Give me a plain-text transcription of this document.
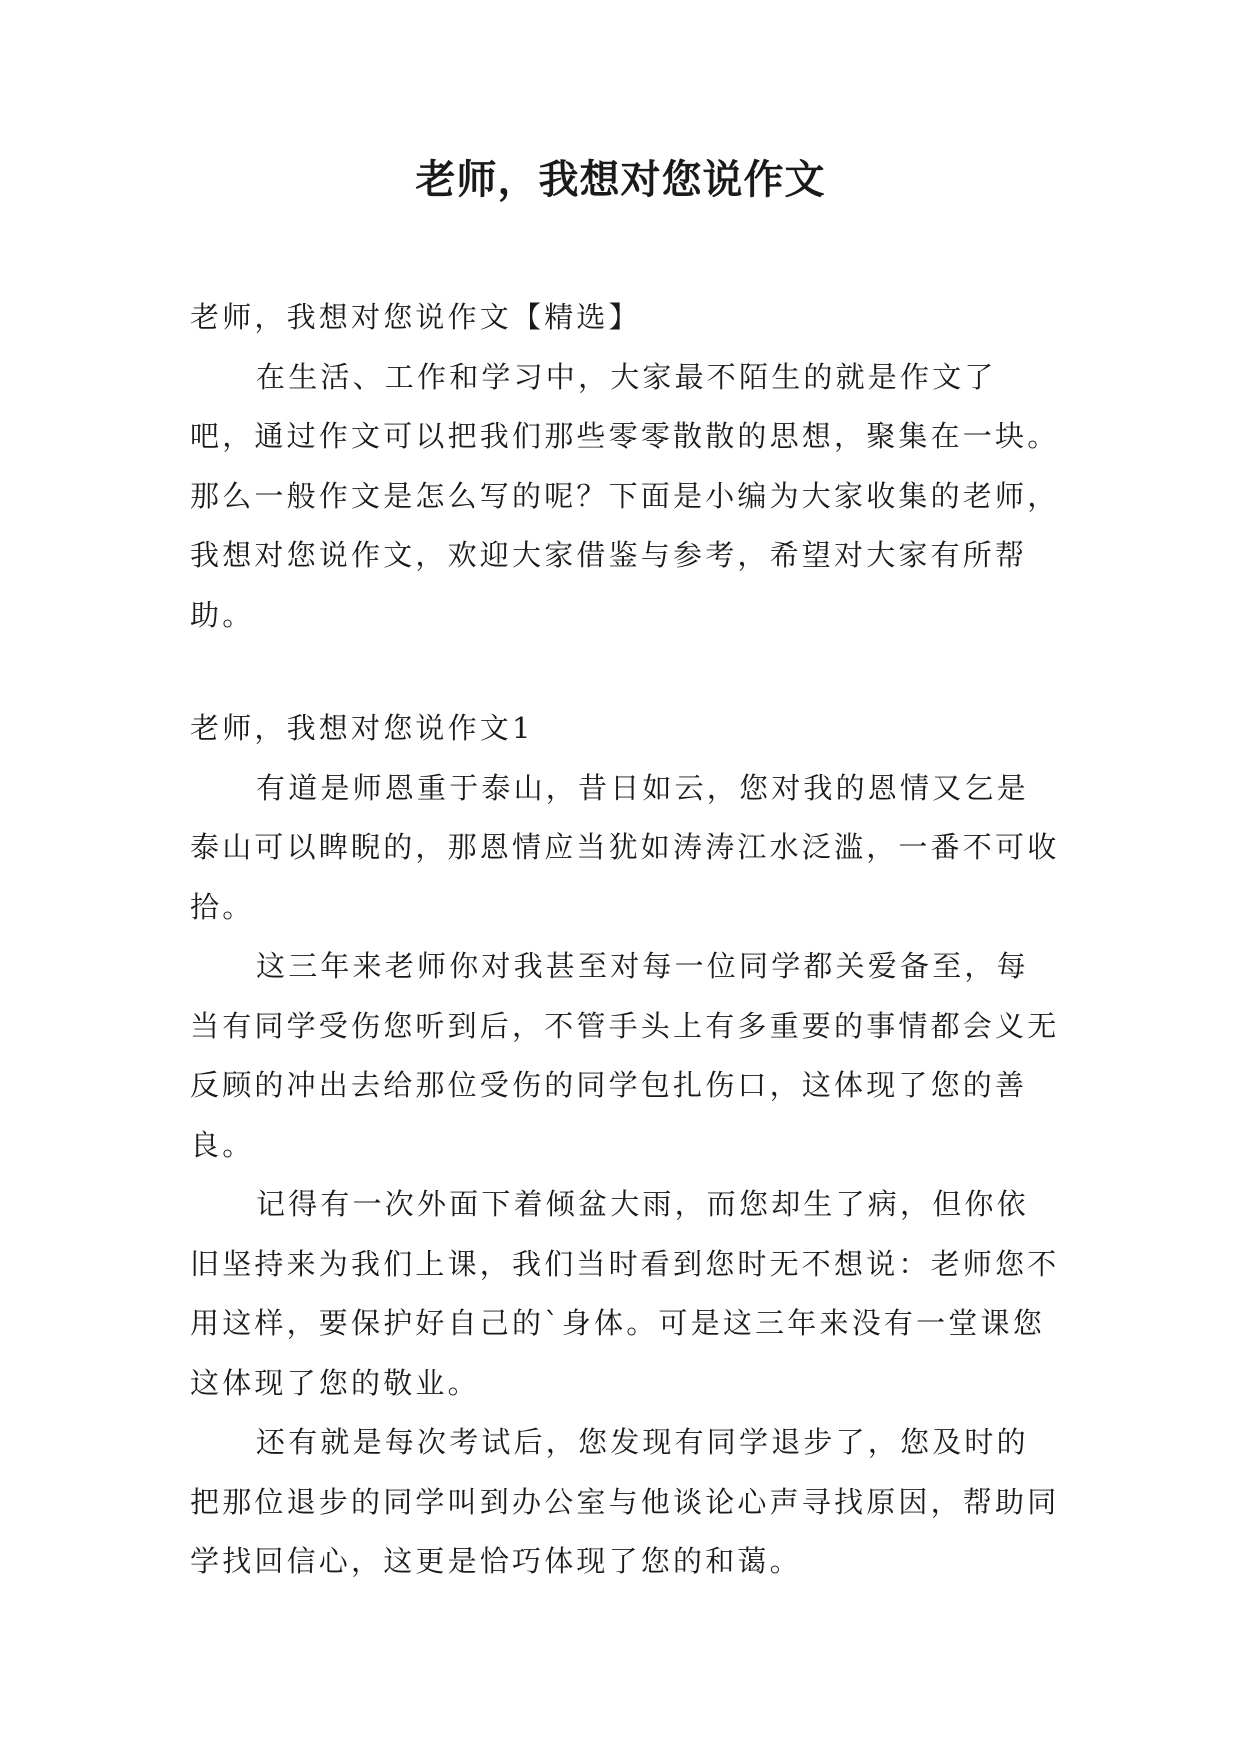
老师，我想对您说作文

老师，我想对您说作文【精选】

在生活、工作和学习中，大家最不陌生的就是作文了吧，通过作文可以把我们那些零零散散的思想，聚集在一块。那么一般作文是怎么写的呢？下面是小编为大家收集的老师，我想对您说作文，欢迎大家借鉴与参考，希望对大家有所帮助。

老师，我想对您说作文1

有道是师恩重于泰山，昔日如云，您对我的恩情又乞是泰山可以睥睨的，那恩情应当犹如涛涛江水泛滥，一番不可收拾。

这三年来老师你对我甚至对每一位同学都关爱备至，每当有同学受伤您听到后，不管手头上有多重要的事情都会义无反顾的冲出去给那位受伤的同学包扎伤口，这体现了您的善良。

记得有一次外面下着倾盆大雨，而您却生了病，但你依旧坚持来为我们上课，我们当时看到您时无不想说：老师您不用这样，要保护好自己的`身体。可是这三年来没有一堂课您这体现了您的敬业。

还有就是每次考试后，您发现有同学退步了，您及时的把那位退步的同学叫到办公室与他谈论心声寻找原因，帮助同学找回信心，这更是恰巧体现了您的和蔼。
